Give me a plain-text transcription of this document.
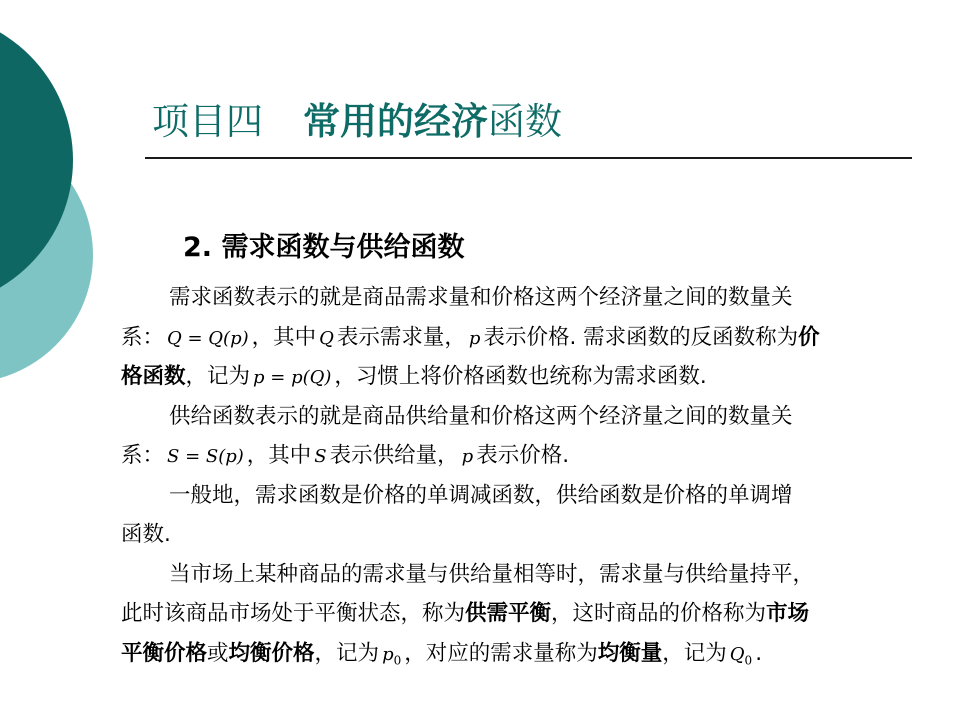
项目四 常用的经济函数
2. 需求函数与供给函数
需求函数表示的就是商品需求量和价格这两个经济量之间的数量关
系： Q = Q(p) ，其中 Q 表示需求量， p 表示价格. 需求函数的反函数称为价
格函数，记为 p = p(Q) ，习惯上将价格函数也统称为需求函数.
供给函数表示的就是商品供给量和价格这两个经济量之间的数量关
系： S = S(p) ，其中 S 表示供给量， p 表示价格.
一般地，需求函数是价格的单调减函数，供给函数是价格的单调增
函数.
当市场上某种商品的需求量与供给量相等时，需求量与供给量持平，
此时该商品市场处于平衡状态，称为供需平衡，这时商品的价格称为市场
平衡价格或均衡价格，记为 $p_0$ ，对应的需求量称为均衡量，记为 $Q_0$ .
